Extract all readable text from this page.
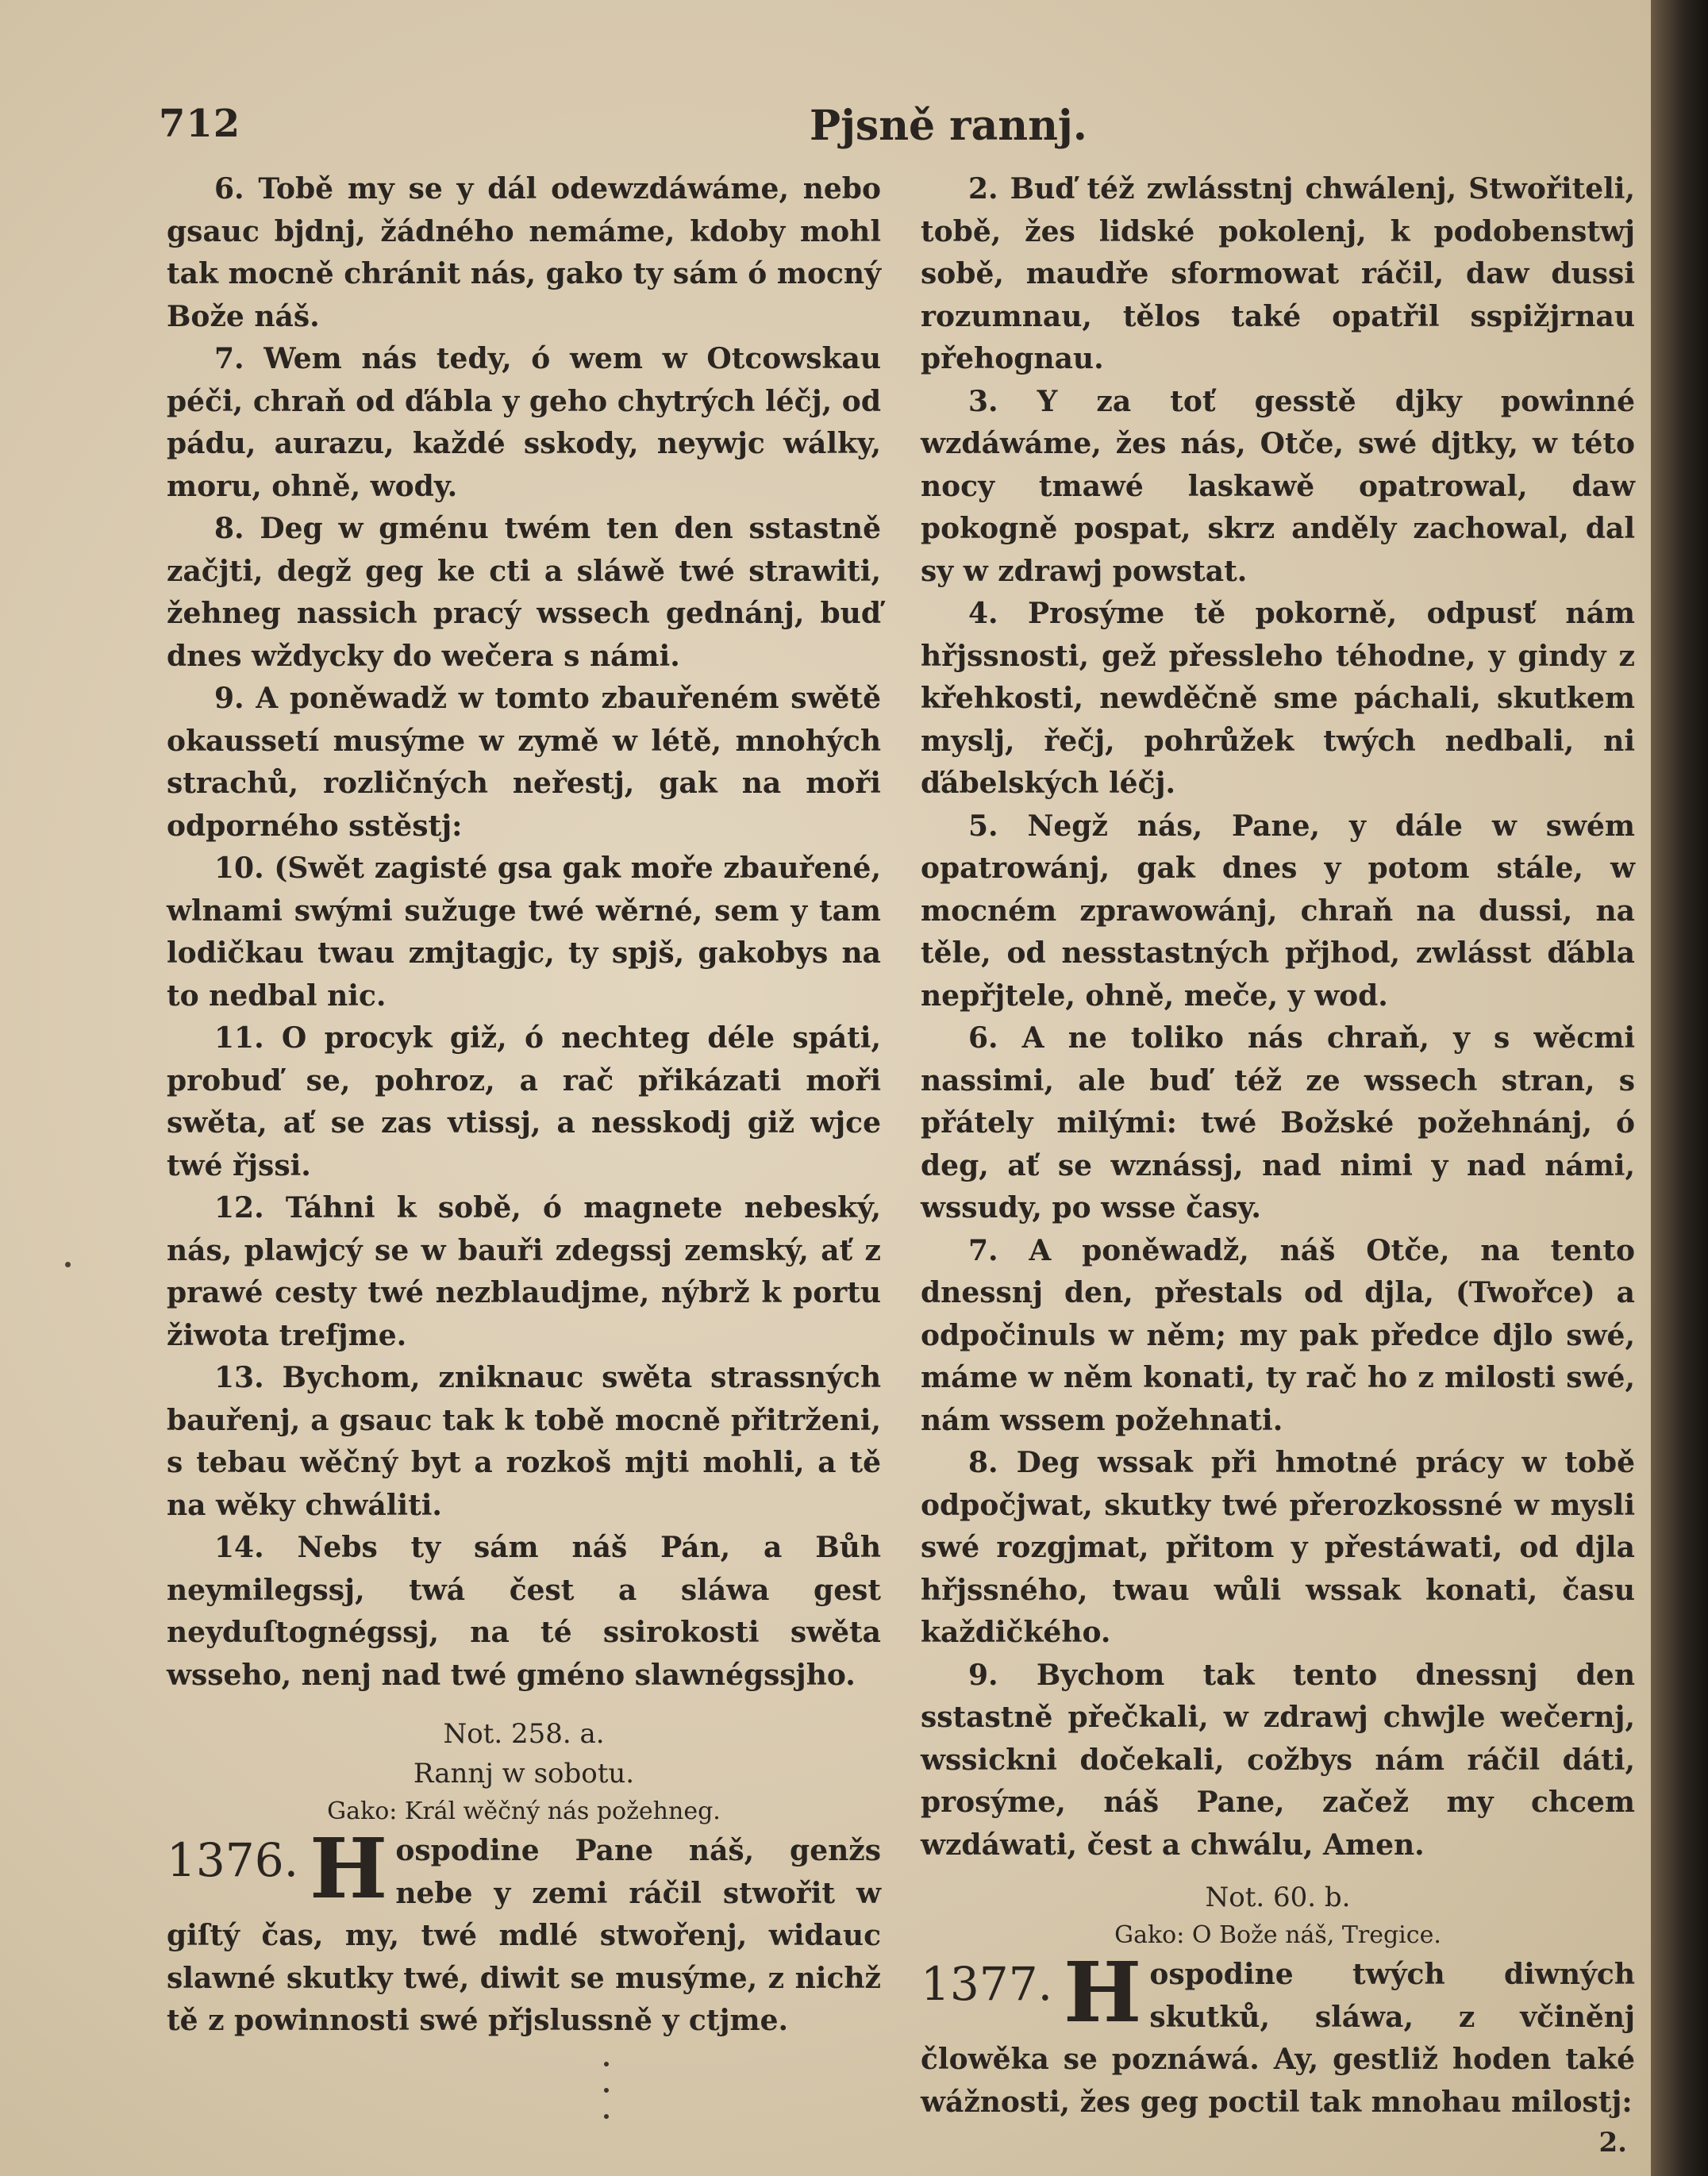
712	Pjsně rannj.

6. Tobě my se y dál odewzdáwáme, nebo gsauc bjdnj, žádného nemáme, kdoby mohl tak mocně chránit nás, gako ty sám ó mocný Bože náš.

7. Wem nás tedy, ó wem w Otcowskau péči, chraň od ďábla y geho chytrých léčj, od pádu, aurazu, každé sskody, neywjc wálky, moru, ohně, wody.

8. Deg w gménu twém ten den sstastně začjti, degž geg ke cti a sláwě twé strawiti, žehneg nassich pracý wssech gednánj, buď dnes wždycky do wečera s námi.

9. A poněwadž w tomto zbauřeném swětě okaussetí musýme w zymě w létě, mnohých strachů, rozličných neřestj, gak na moři odporného sstěstj:

10. (Swět zagisté gsa gak moře zbauřené, wlnami swými sužuge twé wěrné, sem y tam lodičkau twau zmjtagjc, ty spjš, gakobys na to nedbal nic.

11. O procyk giž, ó nechteg déle spáti, probuď se, pohroz, a rač přikázati moři swěta, ať se zas vtissj, a nesskodj giž wjce twé řjssi.

12. Táhni k sobě, ó magnete nebeský, nás, plawjcý se w bauři zdegssj zemský, ať z prawé cesty twé nezblaudjme, nýbrž k portu žiwota trefjme.

13. Bychom, zniknauc swěta strassných bauřenj, a gsauc tak k tobě mocně přitrženi, s tebau wěčný byt a rozkoš mjti mohli, a tě na wěky chwáliti.

14. Nebs ty sám náš Pán, a Bůh neymilegssj, twá čest a sláwa gest neyduſtognégssj, na té ssirokosti swěta wsseho, nenj nad twé gméno slawnégssjho.

Not. 258. a.

Rannj w sobotu.

Gako: Král wěčný nás požehneg.

1376. H ospodine Pane náš, genžs nebe y zemi ráčil stwořit w giſtý čas, my, twé mdlé stwořenj, widauc slawné skutky twé, diwit se musýme, z nichž tě z powinnosti swé přjslussně y ctjme.

2. Buď též zwlásstnj chwálenj, Stwořiteli, tobě, žes lidské pokolenj, k podobenstwj sobě, maudře sformowat ráčil, daw dussi rozumnau, tělos také opatřil sspižjrnau přehognau.

3. Y za toť gesstě djky powinné wzdáwáme, žes nás, Otče, swé djtky, w této nocy tmawé laskawě opatrowal, daw pokogně pospat, skrz anděly zachowal, dal sy w zdrawj powstat.

4. Prosýme tě pokorně, odpusť nám hřjssnosti, gež přessleho téhodne, y gindy z křehkosti, newděčně sme páchali, skutkem myslj, řečj, pohrůžek twých nedbali, ni ďábelských léčj.

5. Negž nás, Pane, y dále w swém opatrowánj, gak dnes y potom stále, w mocném zprawowánj, chraň na dussi, na těle, od nesstastných přjhod, zwlásst ďábla nepřjtele, ohně, meče, y wod.

6. A ne toliko nás chraň, y s wěcmi nassimi, ale buď též ze wssech stran, s přátely milými: twé Božské požehnánj, ó deg, ať se wznássj, nad nimi y nad námi, wssudy, po wsse časy.

7. A poněwadž, náš Otče, na tento dnessnj den, přestals od djla, (Twořce) a odpočinuls w něm; my pak předce djlo swé, máme w něm konati, ty rač ho z milosti swé, nám wssem požehnati.

8. Deg wssak při hmotné prácy w tobě odpočjwat, skutky twé přerozkossné w mysli swé rozgjmat, přitom y přestáwati, od djla hřjssného, twau wůli wssak konati, času každičkého.

9. Bychom tak tento dnessnj den sstastně přečkali, w zdrawj chwjle wečernj, wssickni dočekali, cožbys nám ráčil dáti, prosýme, náš Pane, začež my chcem wzdáwati, čest a chwálu, Amen.

Not. 60. b.

Gako: O Bože náš, Tregice.

1377. H ospodine twých diwných skutků, sláwa, z včiněnj člowěka se poznáwá. Ay, gestliž hoden také wážnosti, žes geg poctil tak mnohau milostj:

2.
